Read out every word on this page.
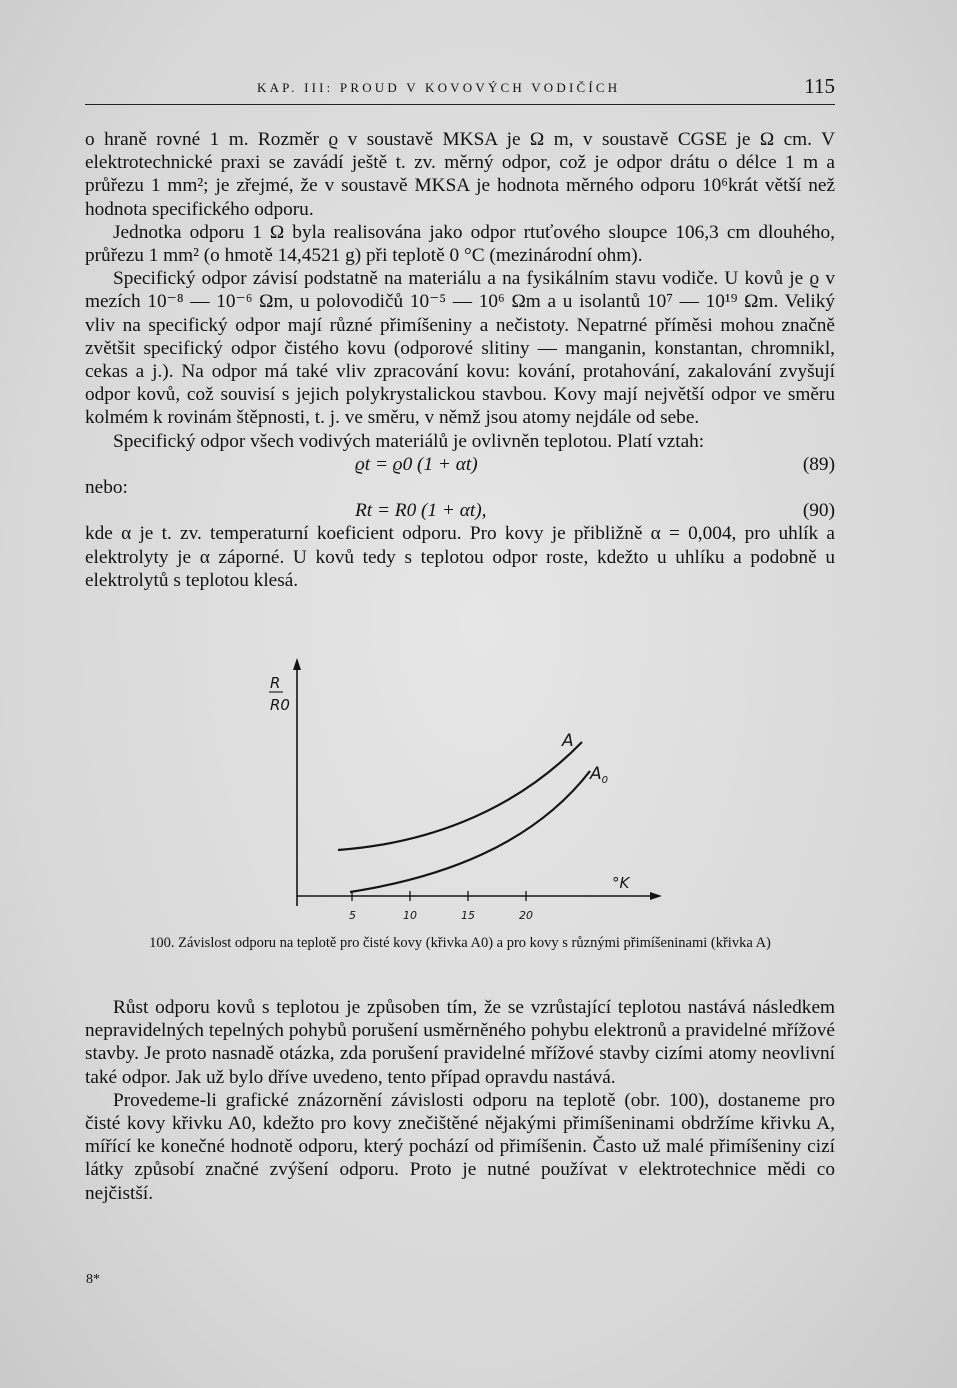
KAP. III: PROUD V KOVOVÝCH VODIČÍCH	115

o hraně rovné 1 m. Rozměr ϱ v soustavě MKSA je Ω m, v soustavě CGSE je Ω cm. V elektrotechnické praxi se zavádí ještě t. zv. měrný odpor, což je odpor drátu o délce 1 m a průřezu 1 mm²; je zřejmé, že v soustavě MKSA je hodnota měrného odporu 10⁶krát větší než hodnota specifického odporu.

Jednotka odporu 1 Ω byla realisována jako odpor rtuťového sloupce 106,3 cm dlouhého, průřezu 1 mm² (o hmotě 14,4521 g) při teplotě 0 °C (mezinárodní ohm).

Specifický odpor závisí podstatně na materiálu a na fysikálním stavu vodiče. U kovů je ϱ v mezích 10⁻⁸ — 10⁻⁶ Ωm, u polovodičů 10⁻⁵ — 10⁶ Ωm a u isolantů 10⁷ — 10¹⁹ Ωm. Veliký vliv na specifický odpor mají různé přimíšeniny a nečistoty. Nepatrné příměsi mohou značně zvětšit specifický odpor čistého kovu (odporové slitiny — manganin, konstantan, chromnikl, cekas a j.). Na odpor má také vliv zpracování kovu: kování, protahování, zakalování zvyšují odpor kovů, což souvisí s jejich polykrystalickou stavbou. Kovy mají největší odpor ve směru kolmém k rovinám štěpnosti, t. j. ve směru, v němž jsou atomy nejdále od sebe.

Specifický odpor všech vodivých materiálů je ovlivněn teplotou. Platí vztah:

ϱt = ϱ0 (1 + αt)	(89)
nebo:
Rt = R0 (1 + αt),	(90)

kde α je t. zv. temperaturní koeficient odporu. Pro kovy je přibližně α = 0,004, pro uhlík a elektrolyty je α záporné. U kovů tedy s teplotou odpor roste, kdežto u uhlíku a podobně u elektrolytů s teplotou klesá.

R
R0
°K
5	10	15	20
A
$A_0$
100. Závislost odporu na teplotě pro čisté kovy (křivka A0) a pro kovy s různými přimíšeninami (křivka A)

Růst odporu kovů s teplotou je způsoben tím, že se vzrůstající teplotou nastává následkem nepravidelných tepelných pohybů porušení usměrněného pohybu elektronů a pravidelné mřížové stavby. Je proto nasnadě otázka, zda porušení pravidelné mřížové stavby cizími atomy neovlivní také odpor. Jak už bylo dříve uvedeno, tento případ opravdu nastává.

Provedeme-li grafické znázornění závislosti odporu na teplotě (obr. 100), dostaneme pro čisté kovy křivku A0, kdežto pro kovy znečištěné nějakými přimíšeninami obdržíme křivku A, mířící ke konečné hodnotě odporu, který pochází od přimíšenin. Často už malé přimíšeniny cizí látky způsobí značné zvýšení odporu. Proto je nutné používat v elektrotechnice mědi co nejčistší.

8*
